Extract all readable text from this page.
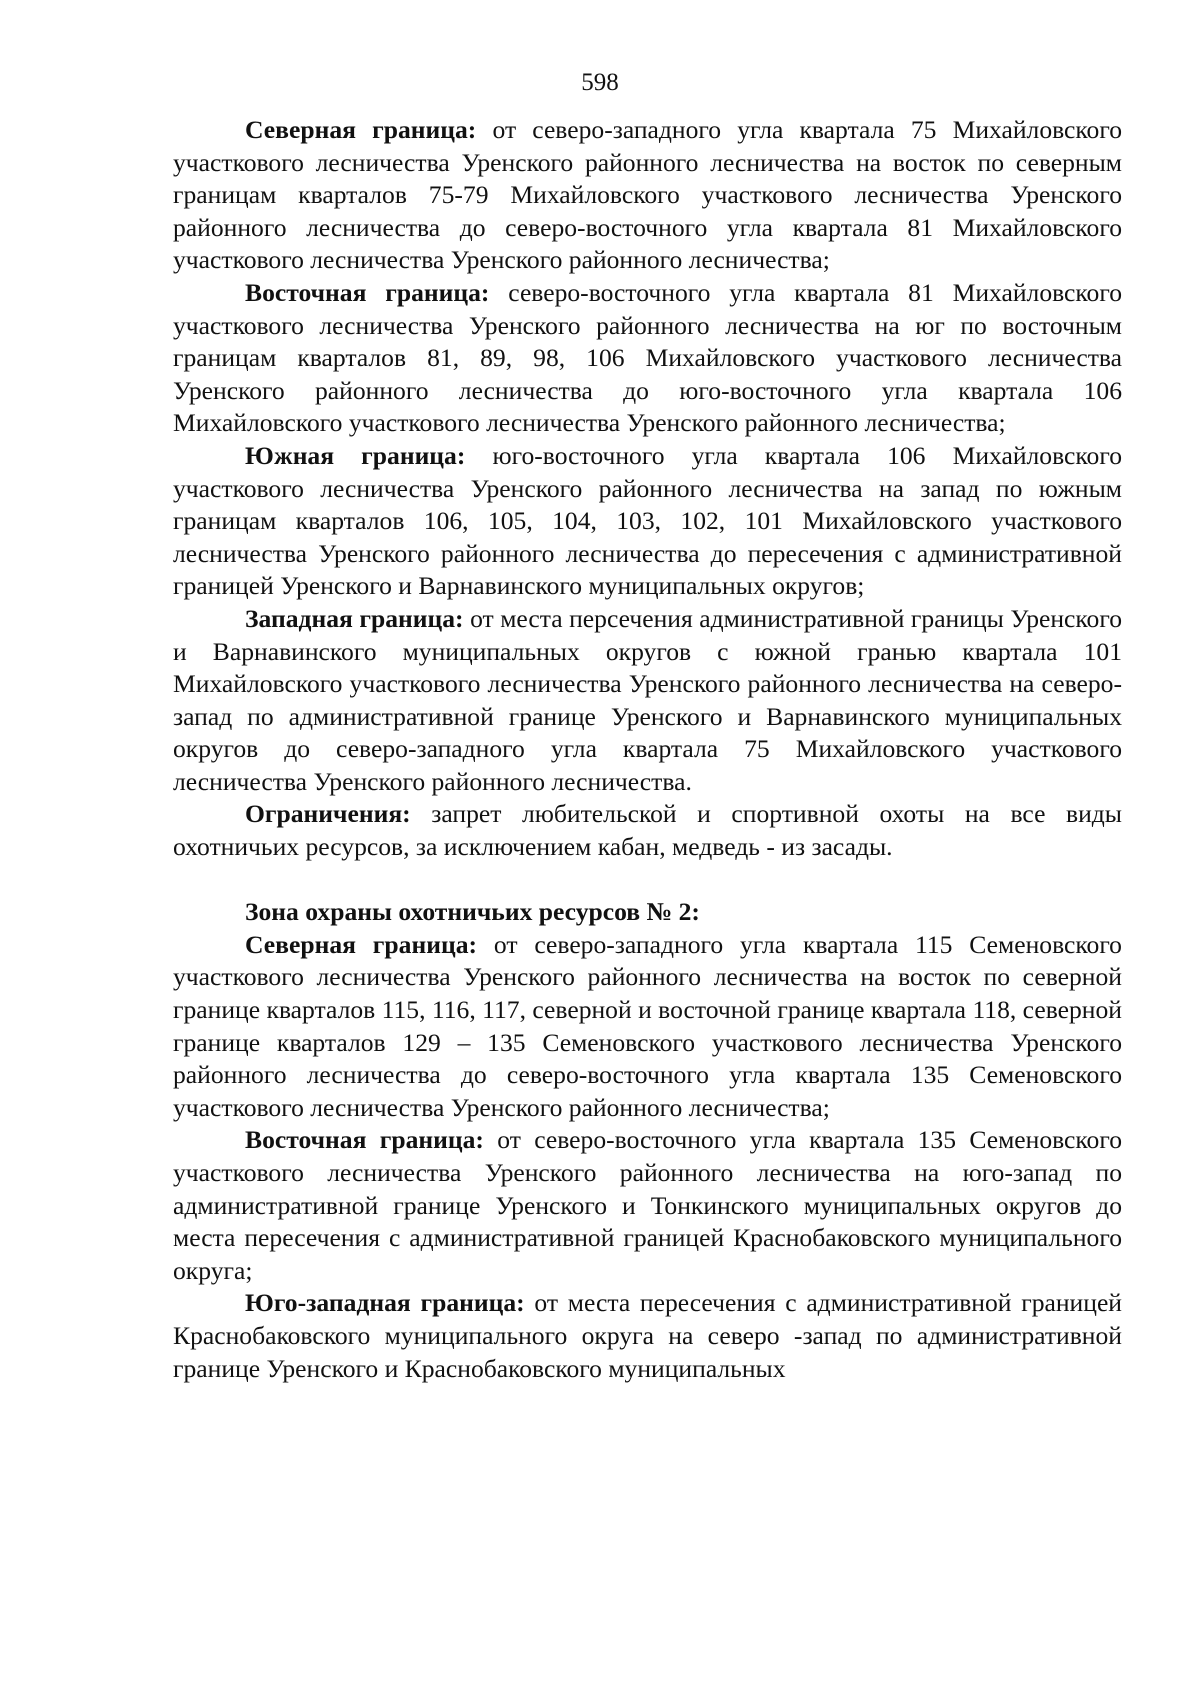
598

Северная граница: от северо-западного угла квартала 75 Михайловского участкового лесничества Уренского районного лесничества на восток по северным границам кварталов 75-79 Михайловского участкового лесничества Уренского районного лесничества до северо-восточного угла квартала 81 Михайловского участкового лесничества Уренского районного лесничества;

Восточная граница: северо-восточного угла квартала 81 Михайловского участкового лесничества Уренского районного лесничества на юг по восточным границам кварталов 81, 89, 98, 106 Михайловского участкового лесничества Уренского районного лесничества до юго-восточного угла квартала 106 Михайловского участкового лесничества Уренского районного лесничества;

Южная граница: юго-восточного угла квартала 106 Михайловского участкового лесничества Уренского районного лесничества на запад по южным границам кварталов 106, 105, 104, 103, 102, 101 Михайловского участкового лесничества Уренского районного лесничества до пересечения с административной границей Уренского и Варнавинского муниципальных округов;

Западная граница: от места персечения административной границы Уренского и Варнавинского муниципальных округов с южной гранью квартала 101 Михайловского участкового лесничества Уренского районного лесничества на северо-запад по административной границе Уренского и Варнавинского муниципальных округов до северо-западного угла квартала 75 Михайловского участкового лесничества Уренского районного лесничества.

Ограничения: запрет любительской и спортивной охоты на все виды охотничьих ресурсов, за исключением кабан, медведь - из засады.

Зона охраны охотничьих ресурсов № 2:

Северная граница: от северо-западного угла квартала 115 Семеновского участкового лесничества Уренского районного лесничества на восток по северной границе кварталов 115, 116, 117, северной и восточной границе квартала 118, северной границе кварталов 129 – 135 Семеновского участкового лесничества Уренского районного лесничества до северо-восточного угла квартала 135 Семеновского участкового лесничества Уренского районного лесничества;

Восточная граница: от северо-восточного угла квартала 135 Семеновского участкового лесничества Уренского районного лесничества на юго-запад по административной границе Уренского и Тонкинского муниципальных округов до места пересечения с административной границей Краснобаковского муниципального округа;

Юго-западная граница: от места пересечения с административной границей Краснобаковского муниципального округа на северо -запад по административной границе Уренского и Краснобаковского муниципальных
